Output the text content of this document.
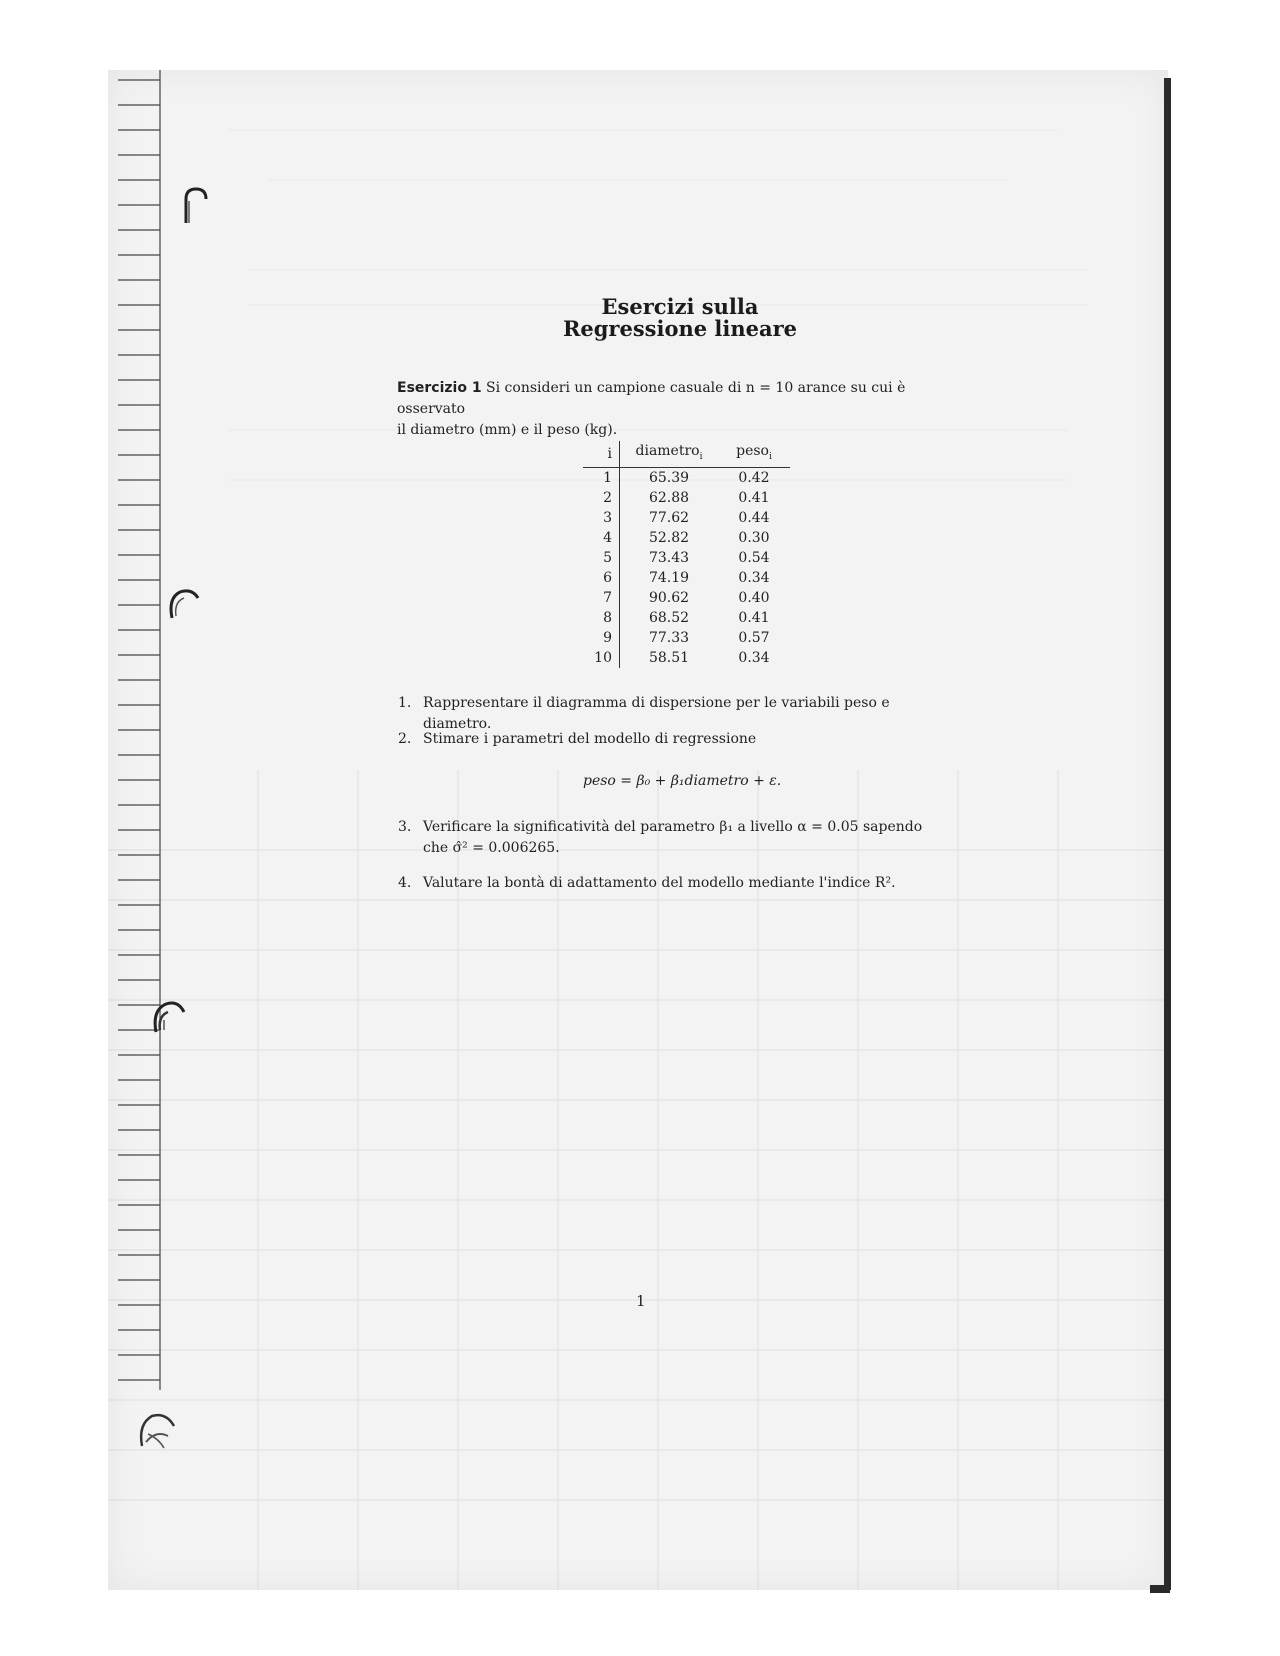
Esercizi sulla
Regressione lineare
Esercizio 1 Si consideri un campione casuale di n = 10 arance su cui è osservato
il diametro (mm) e il peso (kg).
i	diametro$_i$	peso$_i$
1	65.39	0.42
2	62.88	0.41
3	77.62	0.44
4	52.82	0.30
5	73.43	0.54
6	74.19	0.34
7	90.62	0.40
8	68.52	0.41
9	77.33	0.57
10	58.51	0.34
1. Rappresentare il diagramma di dispersione per le variabili peso e diametro.
2. Stimare i parametri del modello di regressione
peso = β₀ + β₁diametro + ε.
3. Verificare la significatività del parametro β₁ a livello α = 0.05 sapendo
che σ̂² = 0.006265.
4. Valutare la bontà di adattamento del modello mediante l'indice R².
1
